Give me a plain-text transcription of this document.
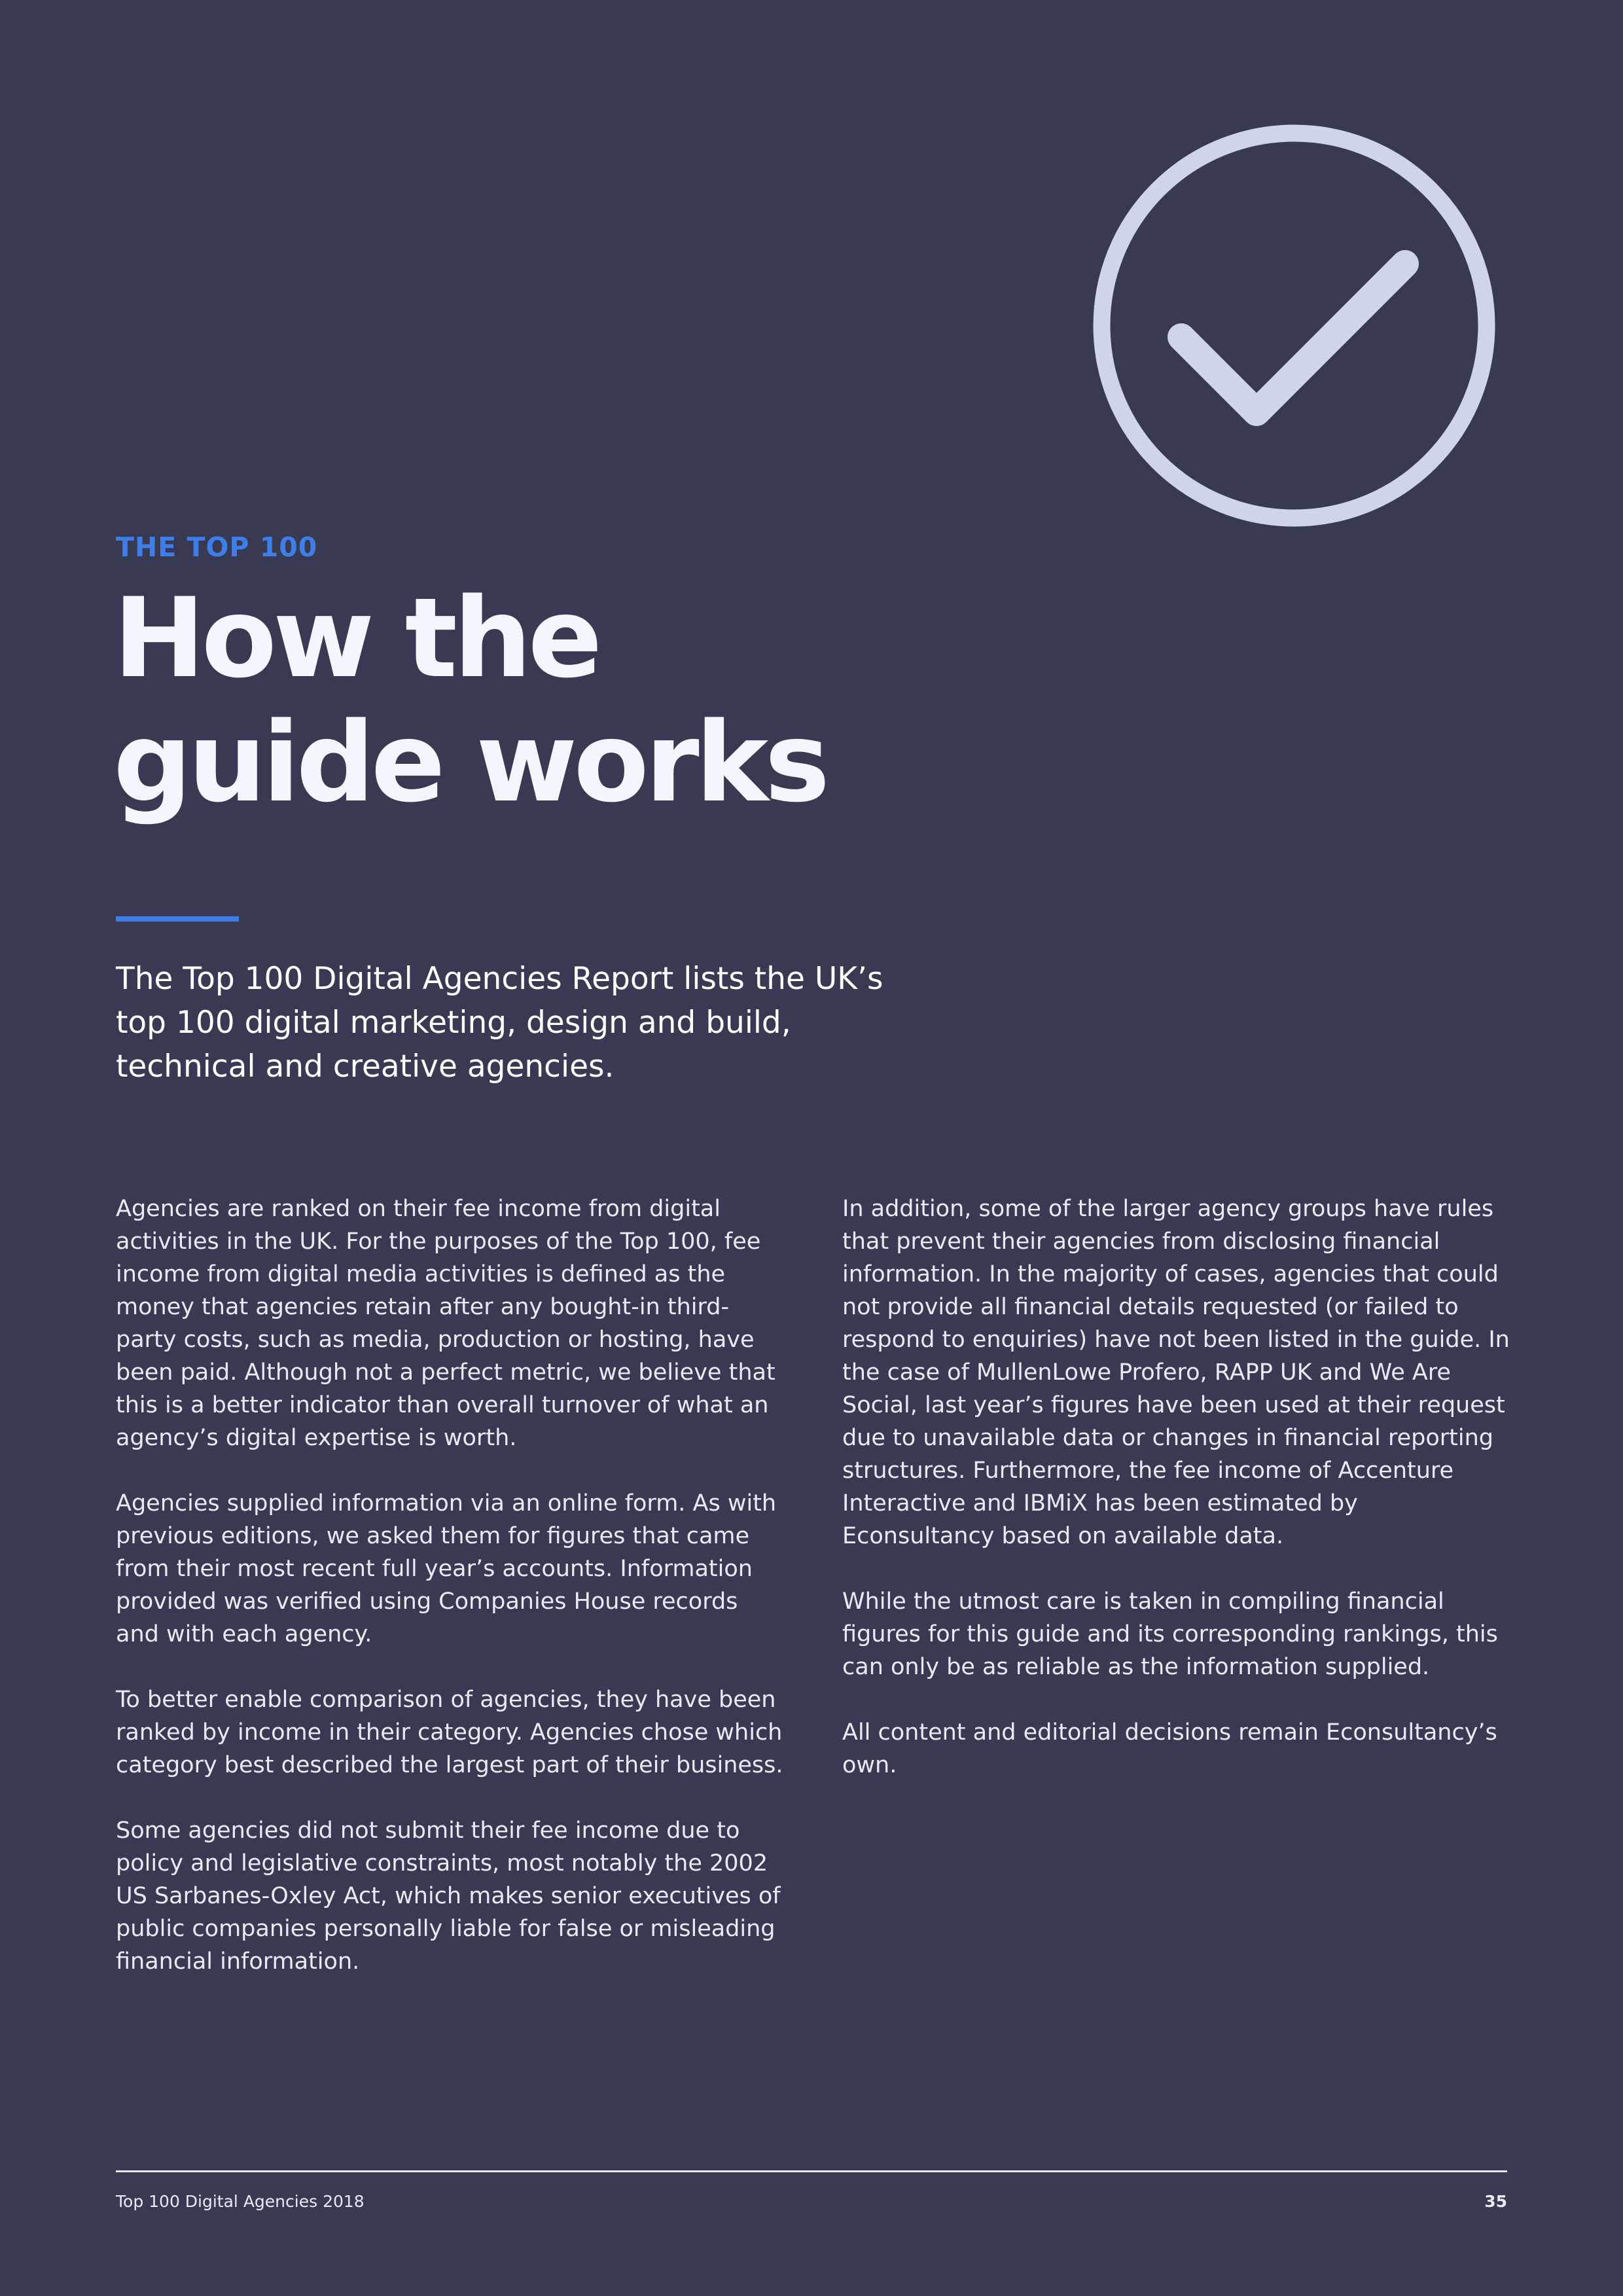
THE TOP 100

How the
guide works

The Top 100 Digital Agencies Report lists the UK’s top 100 digital marketing, design and build, technical and creative agencies.

Agencies are ranked on their fee income from digital activities in the UK. For the purposes of the Top 100, fee income from digital media activities is defined as the money that agencies retain after any bought-in third-party costs, such as media, production or hosting, have been paid. Although not a perfect metric, we believe that this is a better indicator than overall turnover of what an agency’s digital expertise is worth.

Agencies supplied information via an online form. As with previous editions, we asked them for figures that came from their most recent full year’s accounts. Information provided was verified using Companies House records and with each agency.

To better enable comparison of agencies, they have been ranked by income in their category. Agencies chose which category best described the largest part of their business.

Some agencies did not submit their fee income due to policy and legislative constraints, most notably the 2002 US Sarbanes-Oxley Act, which makes senior executives of public companies personally liable for false or misleading financial information.

In addition, some of the larger agency groups have rules that prevent their agencies from disclosing financial information. In the majority of cases, agencies that could not provide all financial details requested (or failed to respond to enquiries) have not been listed in the guide. In the case of MullenLowe Profero, RAPP UK and We Are Social, last year’s figures have been used at their request due to unavailable data or changes in financial reporting structures. Furthermore, the fee income of Accenture Interactive and IBMiX has been estimated by Econsultancy based on available data.

While the utmost care is taken in compiling financial figures for this guide and its corresponding rankings, this can only be as reliable as the information supplied.

All content and editorial decisions remain Econsultancy’s own.

Top 100 Digital Agencies 2018	35
